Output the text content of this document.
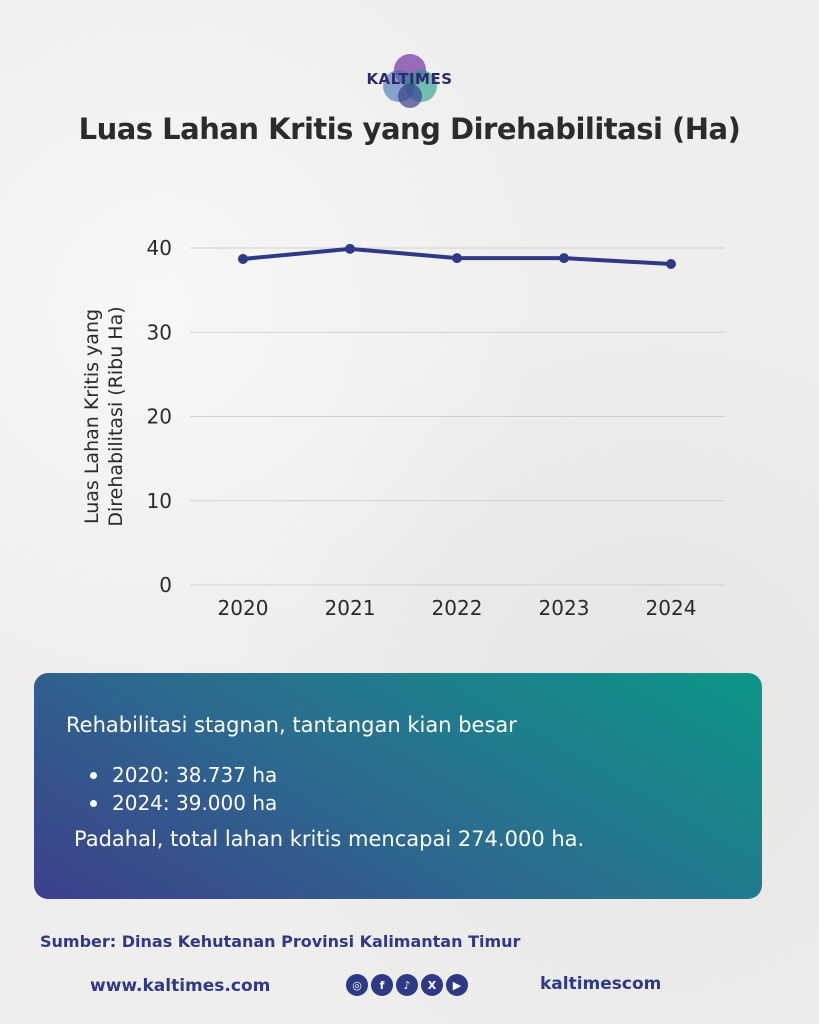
KALTIMES
Luas Lahan Kritis yang Direhabilitasi (Ha)
0
10
20
30
40
2020	2021	2022	2023	2024
Luas Lahan Kritis yang Direhabilitasi (Ribu Ha)
Rehabilitasi stagnan, tantangan kian besar
2020: 38.737 ha
2024: 39.000 ha
Padahal, total lahan kritis mencapai 274.000 ha.
Sumber: Dinas Kehutanan Provinsi Kalimantan Timur
www.kaltimes.com	◎	f	♪	X	▶	kaltimescom
